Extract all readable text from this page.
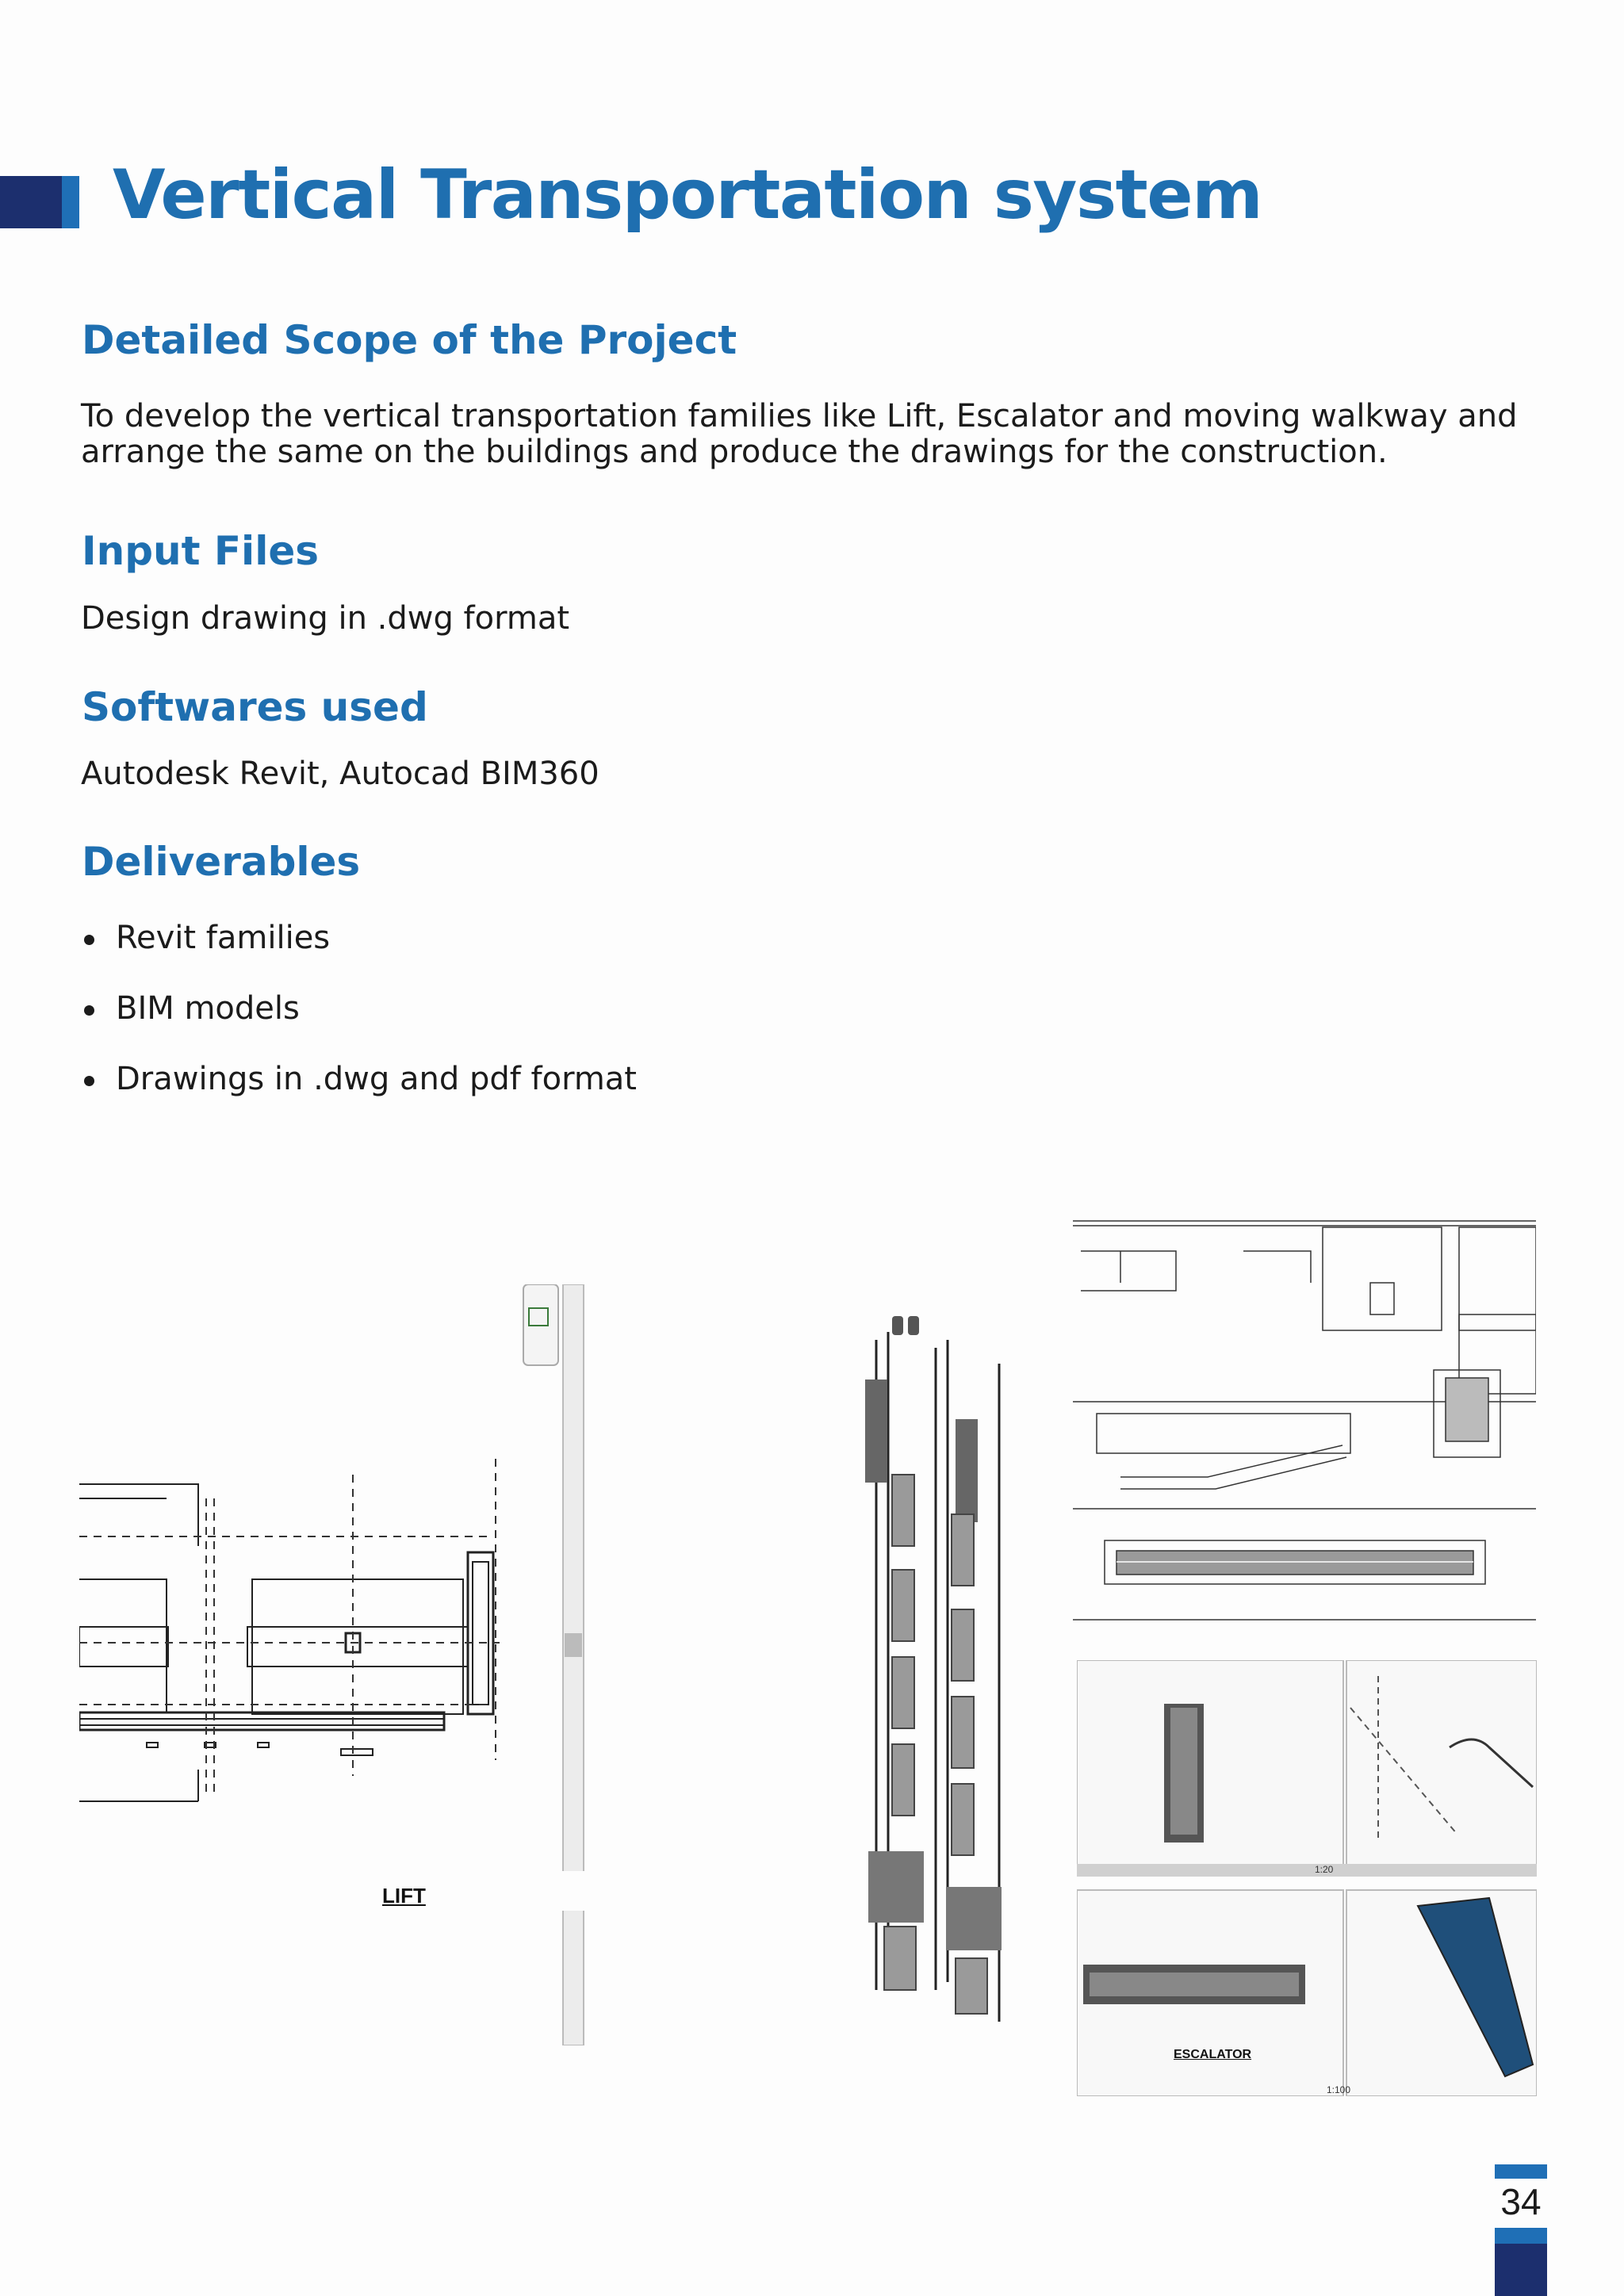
Vertical Transportation system
Detailed Scope of the Project

To develop the vertical transportation families like Lift, Escalator and moving walkway and arrange the same on the buildings and produce the drawings for the construction.

Input Files

Design drawing in .dwg format

Softwares used

Autodesk Revit, Autocad BIM360

Deliverables
Revit families
BIM models
Drawings in .dwg and pdf format
LIFT
1:20
1:100
ESCALATOR
34
